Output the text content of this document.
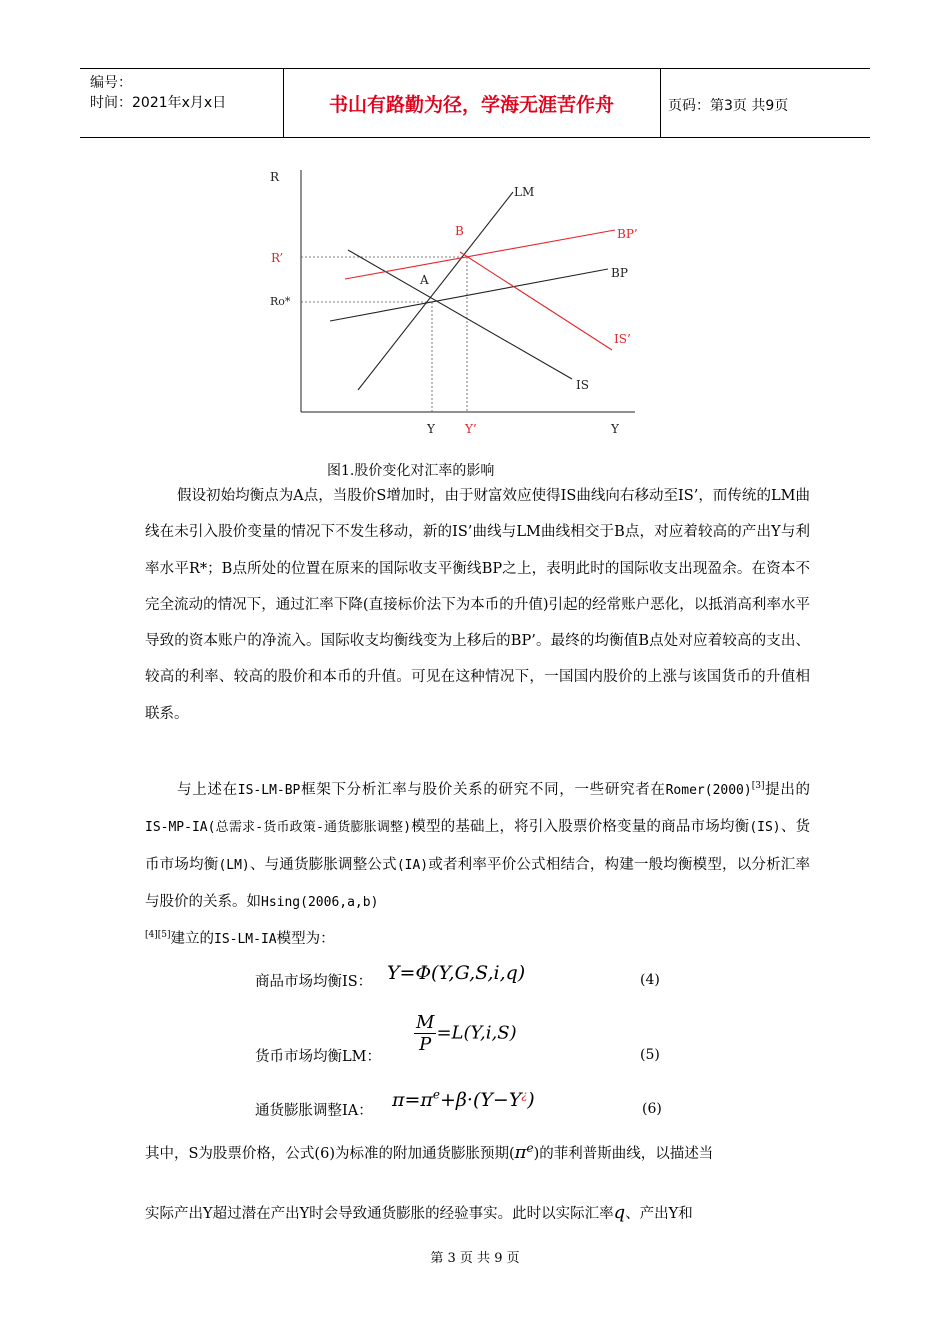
编号：
时间：2021年x月x日	书山有路勤为径，学海无涯苦作舟	页码：第3页 共9页
R
R’
Ro*
LM
B	BP’
BP
A
IS’
IS
Y	Y’	Y
图1.股价变化对汇率的影响

假设初始均衡点为A点，当股价S增加时，由于财富效应使得IS曲线向右移动至IS’，而传统的LM曲线在未引入股价变量的情况下不发生移动，新的IS’曲线与LM曲线相交于B点，对应着较高的产出Y与利率水平R*；B点所处的位置在原来的国际收支平衡线BP之上，表明此时的国际收支出现盈余。在资本不完全流动的情况下，通过汇率下降(直接标价法下为本币的升值)引起的经常账户恶化，以抵消高利率水平导致的资本账户的净流入。国际收支均衡线变为上移后的BP’。最终的均衡值B点处对应着较高的支出、较高的利率、较高的股价和本币的升值。可见在这种情况下，一国国内股价的上涨与该国货币的升值相联系。

与上述在IS-LM-BP框架下分析汇率与股价关系的研究不同，一些研究者在Romer(2000)[3]提出的IS-MP-IA(总需求-货币政策-通货膨胀调整)模型的基础上，将引入股票价格变量的商品市场均衡(IS)、货币市场均衡(LM)、与通货膨胀调整公式(IA)或者利率平价公式相结合，构建一般均衡模型，以分析汇率与股价的关系。如Hsing(2006,a,b)
[4][5]建立的IS-LM-IA模型为：

商品市场均衡IS： Y=Φ(Y,G,S,i,q)	(4)
$\frac{M}{P} =L(Y,i,S)$
货币市场均衡LM：	(5)
通货膨胀调整IA： $\pi=\pi^e+\beta\cdot(Y-Y^¿)$	(6)
其中，S为股票价格，公式(6)为标准的附加通货膨胀预期$(\pi^e)$的菲利普斯曲线，以描述当
实际产出Y超过潜在产出Y时会导致通货膨胀的经验事实。此时以实际汇率q、产出Y和
第 3 页 共 9 页
